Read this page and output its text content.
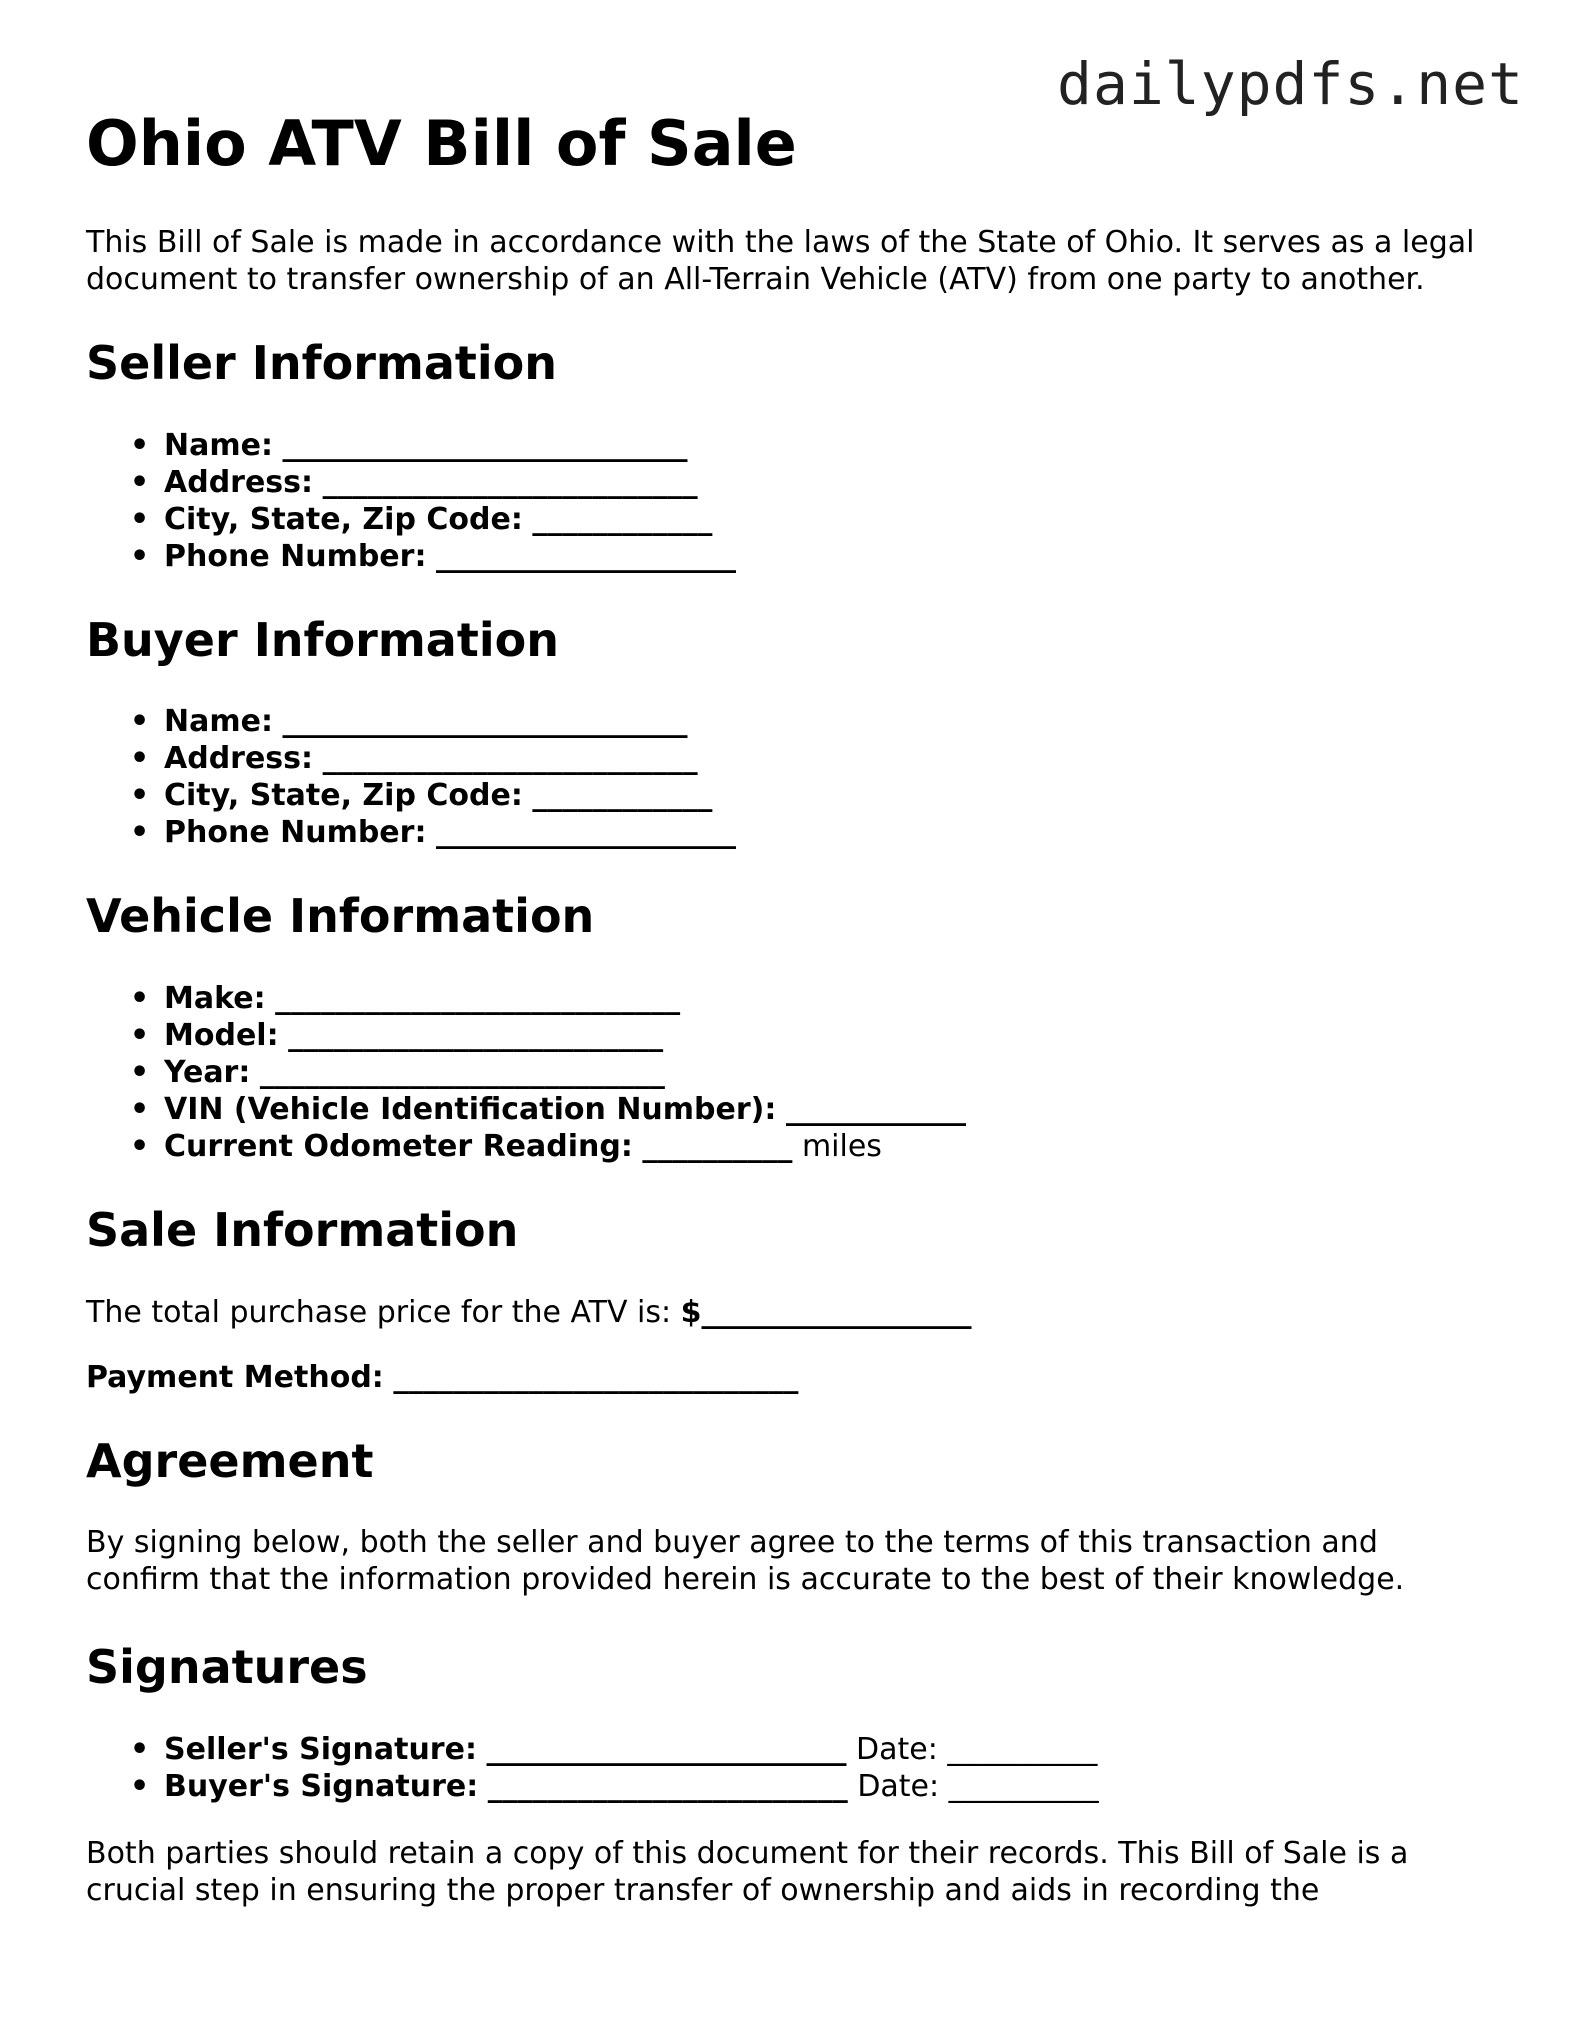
dailypdfs.net
Ohio ATV Bill of Sale

This Bill of Sale is made in accordance with the laws of the State of Ohio. It serves as a legal document to transfer ownership of an All-Terrain Vehicle (ATV) from one party to another.

Seller Information
• Name: ___________________________
• Address: _________________________
• City, State, Zip Code: ____________
• Phone Number: ____________________
Buyer Information
• Name: ___________________________
• Address: _________________________
• City, State, Zip Code: ____________
• Phone Number: ____________________
Vehicle Information
• Make: ___________________________
• Model: _________________________
• Year: ___________________________
• VIN (Vehicle Identification Number): ____________
• Current Odometer Reading: __________ miles
Sale Information

The total purchase price for the ATV is: $__________________

Payment Method: ___________________________

Agreement

By signing below, both the seller and buyer agree to the terms of this transaction and confirm that the information provided herein is accurate to the best of their knowledge.

Signatures
• Seller's Signature: ________________________ Date: __________
• Buyer's Signature: ________________________ Date: __________

Both parties should retain a copy of this document for their records. This Bill of Sale is a crucial step in ensuring the proper transfer of ownership and aids in recording the
